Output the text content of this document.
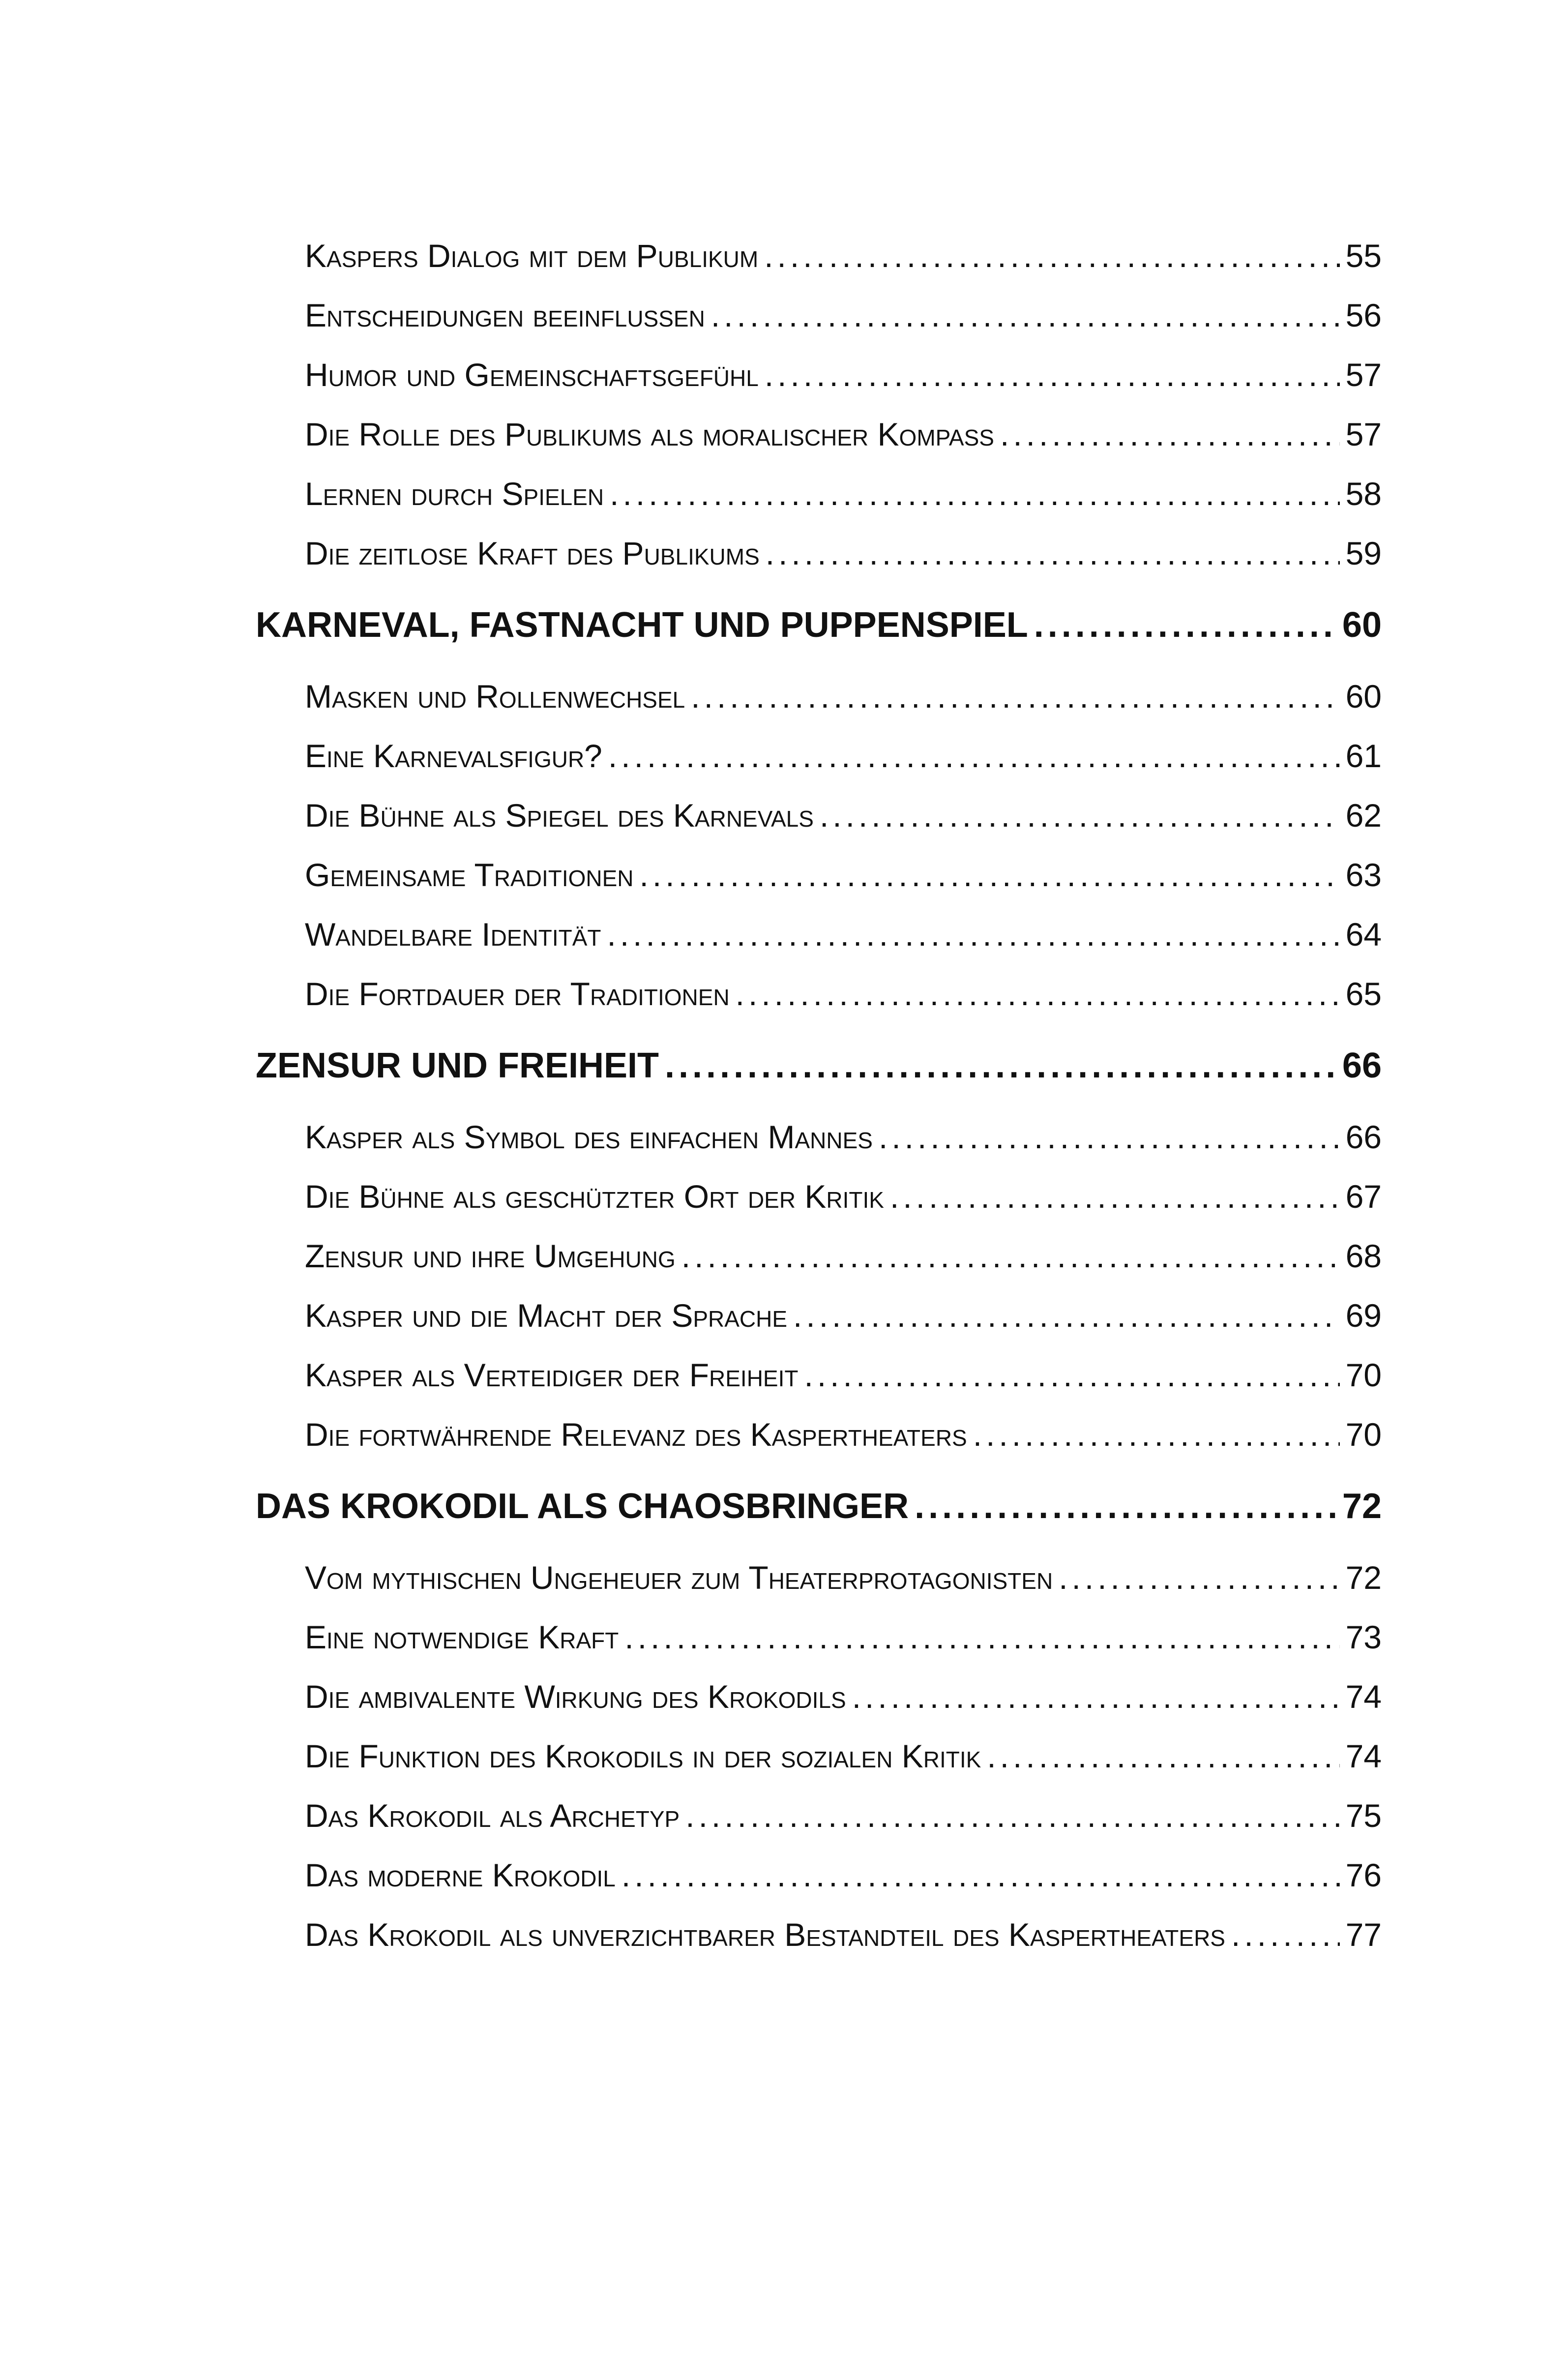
Kaspers Dialog mit dem Publikum .....	55
Entscheidungen beeinflussen .....	56
Humor und Gemeinschaftsgefühl .....	57
Die Rolle des Publikums als moralischer Kompass .....	57
Lernen durch Spielen .....	58
Die zeitlose Kraft des Publikums .....	59
KARNEVAL, FASTNACHT UND PUPPENSPIEL .....	60
Masken und Rollenwechsel .....	60
Eine Karnevalsfigur? .....	61
Die Bühne als Spiegel des Karnevals .....	62
Gemeinsame Traditionen .....	63
Wandelbare Identität .....	64
Die Fortdauer der Traditionen .....	65
ZENSUR UND FREIHEIT .....	66
Kasper als Symbol des einfachen Mannes .....	66
Die Bühne als geschützter Ort der Kritik .....	67
Zensur und ihre Umgehung .....	68
Kasper und die Macht der Sprache .....	69
Kasper als Verteidiger der Freiheit .....	70
Die fortwährende Relevanz des Kaspertheaters .....	70
DAS KROKODIL ALS CHAOSBRINGER .....	72
Vom mythischen Ungeheuer zum Theaterprotagonisten .....	72
Eine notwendige Kraft .....	73
Die ambivalente Wirkung des Krokodils .....	74
Die Funktion des Krokodils in der sozialen Kritik .....	74
Das Krokodil als Archetyp .....	75
Das moderne Krokodil .....	76
Das Krokodil als unverzichtbarer Bestandteil des Kaspertheaters .....	77
